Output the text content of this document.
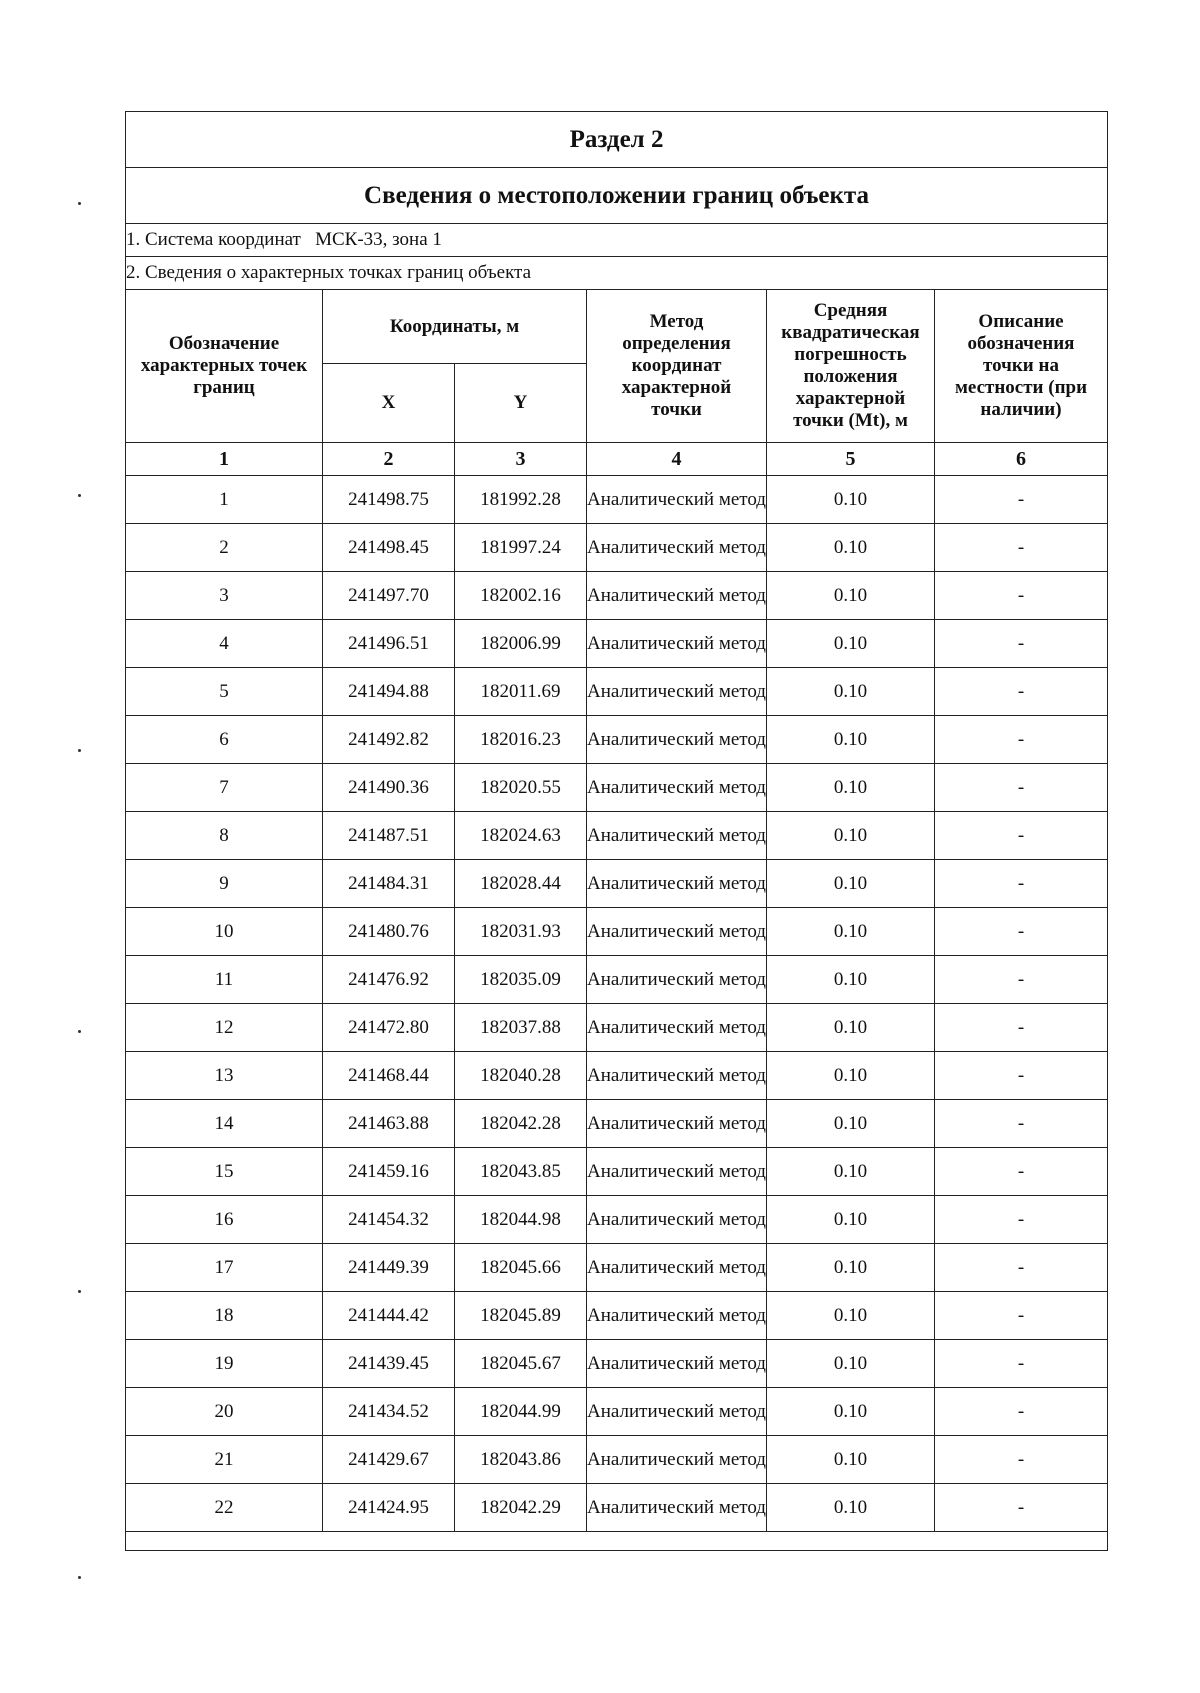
Раздел 2					
Сведения о местоположении границ объекта					
1. Система координат   МСК-33, зона 1					
2. Сведения о характерных точках границ объекта					
Обозначение характерных точек границ	Координаты, м		Метод определения координат характерной точки	Средняя квадратическая погрешность положения характерной точки (Mt), м	Описание обозначения точки на местности (при наличии)
	X	Y			
1	2	3	4	5	6
1	241498.75	181992.28	Аналитический метод	0.10	-
2	241498.45	181997.24	Аналитический метод	0.10	-
3	241497.70	182002.16	Аналитический метод	0.10	-
4	241496.51	182006.99	Аналитический метод	0.10	-
5	241494.88	182011.69	Аналитический метод	0.10	-
6	241492.82	182016.23	Аналитический метод	0.10	-
7	241490.36	182020.55	Аналитический метод	0.10	-
8	241487.51	182024.63	Аналитический метод	0.10	-
9	241484.31	182028.44	Аналитический метод	0.10	-
10	241480.76	182031.93	Аналитический метод	0.10	-
11	241476.92	182035.09	Аналитический метод	0.10	-
12	241472.80	182037.88	Аналитический метод	0.10	-
13	241468.44	182040.28	Аналитический метод	0.10	-
14	241463.88	182042.28	Аналитический метод	0.10	-
15	241459.16	182043.85	Аналитический метод	0.10	-
16	241454.32	182044.98	Аналитический метод	0.10	-
17	241449.39	182045.66	Аналитический метод	0.10	-
18	241444.42	182045.89	Аналитический метод	0.10	-
19	241439.45	182045.67	Аналитический метод	0.10	-
20	241434.52	182044.99	Аналитический метод	0.10	-
21	241429.67	182043.86	Аналитический метод	0.10	-
22	241424.95	182042.29	Аналитический метод	0.10	-
